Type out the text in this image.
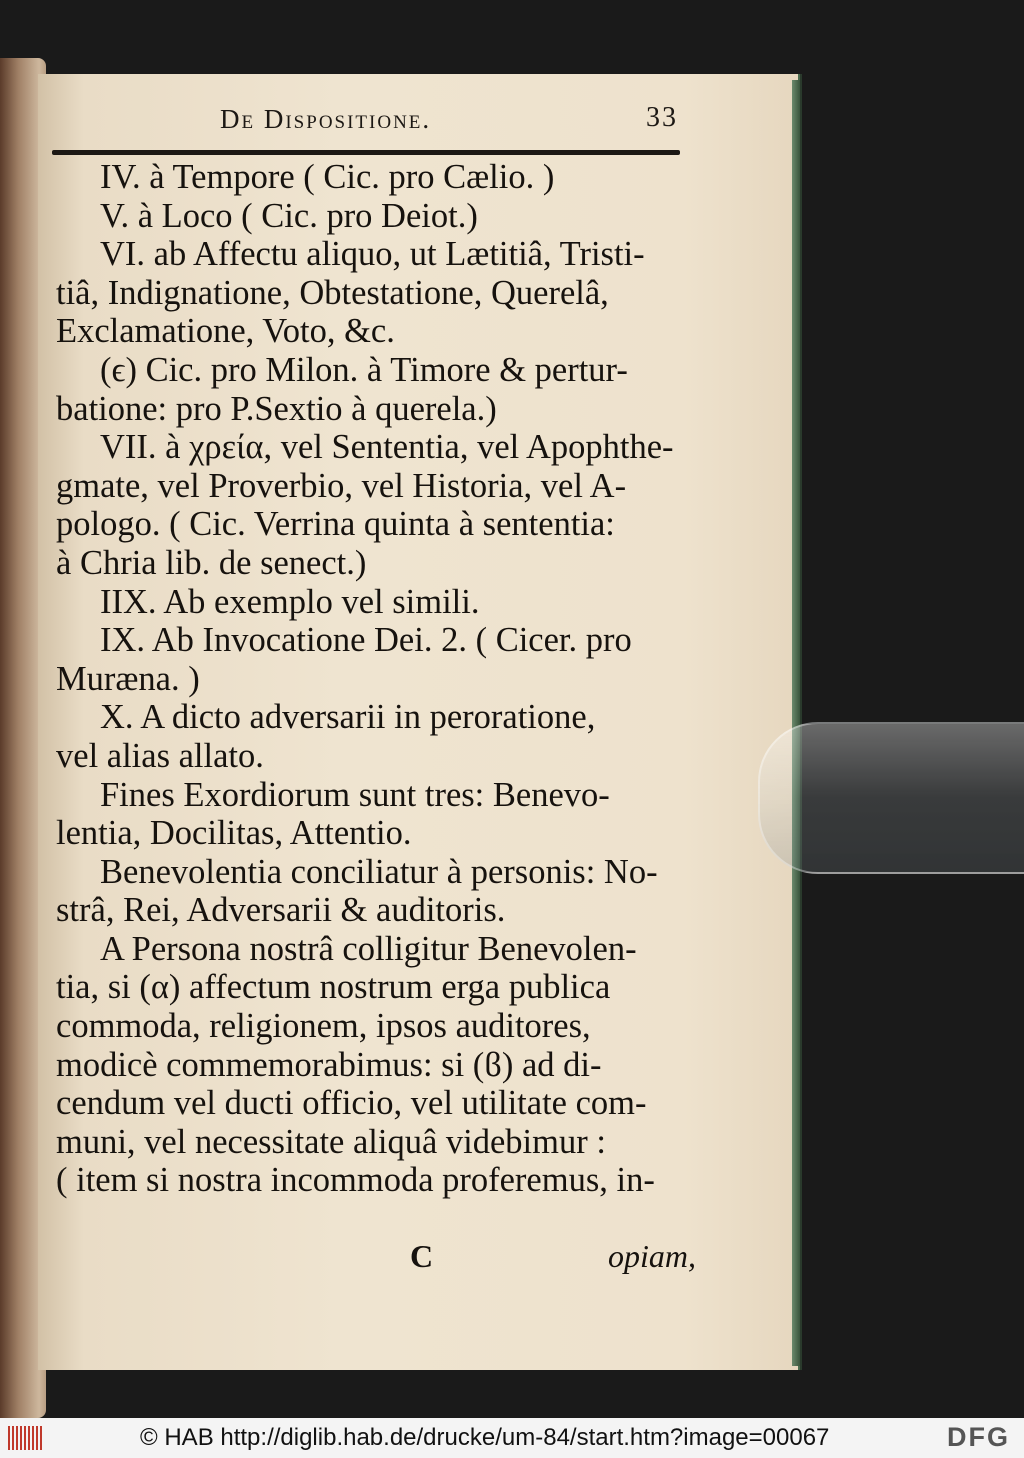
De Dispositione.	33
IV. à Tempore ( Cic. pro Cælio. )
V. à Loco ( Cic. pro Deiot.)
VI. ab Affectu aliquo, ut Lætitiâ, Tristi-
tiâ, Indignatione, Obtestatione, Querelâ,
Exclamatione, Voto, &c.
(ϵ) Cic. pro Milon. à Timore & pertur-
batione: pro P.Sextio à querela.)
VII. à χρεία, vel Sententia, vel Apophthe-
gmate, vel Proverbio, vel Historia, vel A-
pologo. ( Cic. Verrina quinta à sententia:
à Chria lib. de senect.)
IIX. Ab exemplo vel simili.
IX. Ab Invocatione Dei. 2. ( Cicer. pro
Muræna. )
X. A dicto adversarii in peroratione,
vel alias allato.
Fines Exordiorum sunt tres: Benevo-
lentia, Docilitas, Attentio.
Benevolentia conciliatur à personis: No-
strâ, Rei, Adversarii & auditoris.
A Persona nostrâ colligitur Benevolen-
tia, si (α) affectum nostrum erga publica
commoda, religionem, ipsos auditores,
modicè commemorabimus: si (ϐ) ad di-
cendum vel ducti officio, vel utilitate com-
muni, vel necessitate aliquâ videbimur :
( item si nostra incommoda proferemus, in-
C	opiam,
© HAB http://diglib.hab.de/drucke/um-84/start.htm?image=00067	DFG
